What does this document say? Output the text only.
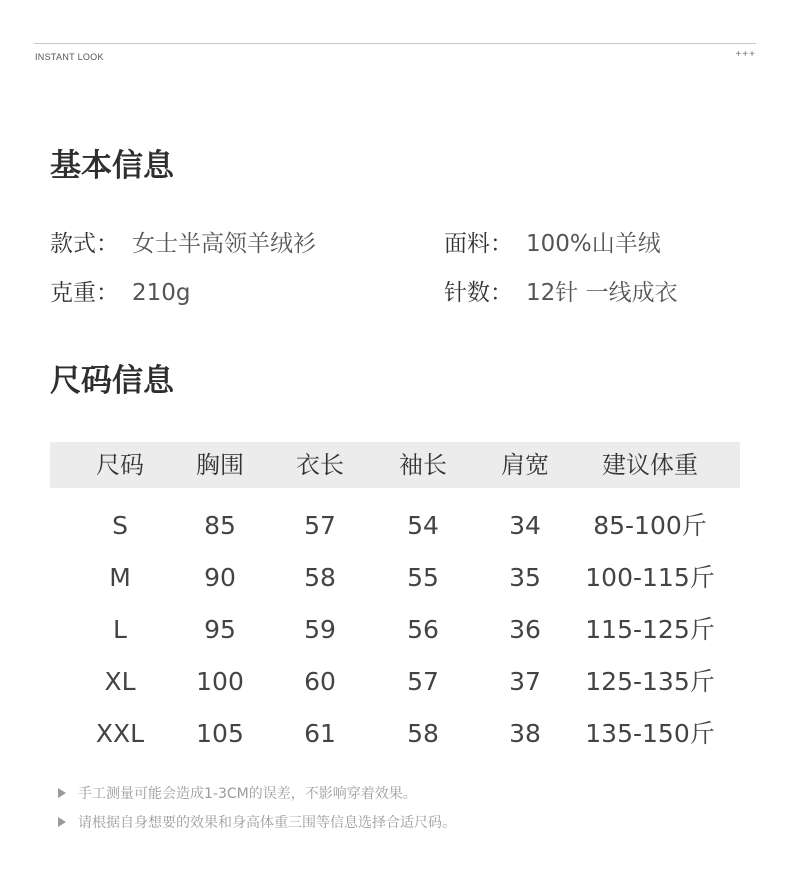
INSTANT LOOK	+++
基本信息
款式： 女士半高领羊绒衫	面料： 100%山羊绒
克重： 210g	针数： 12针 一线成衣
尺码信息
尺码	胸围	衣长	袖长	肩宽	建议体重
S	85	57	54	34	85-100斤
M	90	58	55	35	100-115斤
L	95	59	56	36	115-125斤
XL	100	60	57	37	125-135斤
XXL	105	61	58	38	135-150斤
手工测量可能会造成1-3CM的误差，不影响穿着效果。
请根据自身想要的效果和身高体重三围等信息选择合适尺码。
